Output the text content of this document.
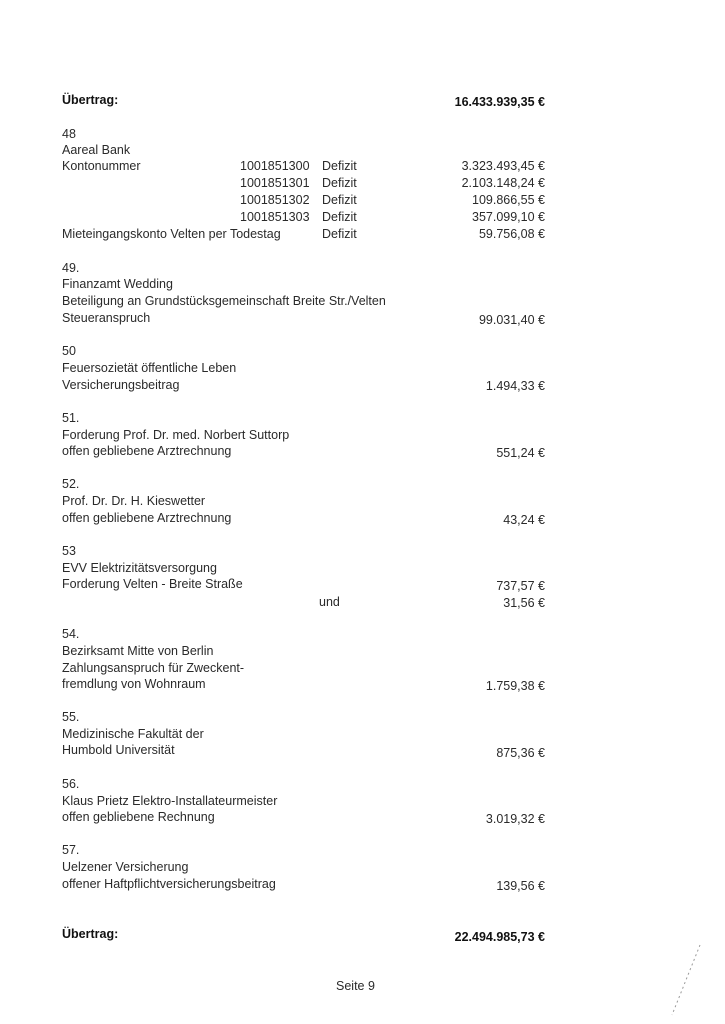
Übertrag:	16.433.939,35 €
48
Aareal Bank
Kontonummer	1001851300 Defizit	3.323.493,45 €
1001851301 Defizit	2.103.148,24 €
1001851302 Defizit	109.866,55 €
1001851303 Defizit	357.099,10 €
Mieteingangskonto Velten per Todestag	Defizit	59.756,08 €
49.
Finanzamt Wedding
Beteiligung an Grundstücksgemeinschaft Breite Str./Velten
Steueranspruch	99.031,40 €
50
Feuersozietät öffentliche Leben
Versicherungsbeitrag	1.494,33 €
51.
Forderung Prof. Dr. med. Norbert Suttorp
offen gebliebene Arztrechnung	551,24 €
52.
Prof. Dr. Dr. H. Kieswetter
offen gebliebene Arztrechnung	43,24 €
53
EVV Elektrizitätsversorgung
Forderung Velten - Breite Straße	737,57 €
und	31,56 €
54.
Bezirksamt Mitte von Berlin
Zahlungsanspruch für Zweckent-
fremdlung von Wohnraum	1.759,38 €
55.
Medizinische Fakultät der
Humbold Universität	875,36 €
56.
Klaus Prietz Elektro-Installateurmeister
offen gebliebene Rechnung	3.019,32 €
57.
Uelzener Versicherung
offener Haftpflichtversicherungsbeitrag	139,56 €
Übertrag:	22.494.985,73 €
Seite 9
